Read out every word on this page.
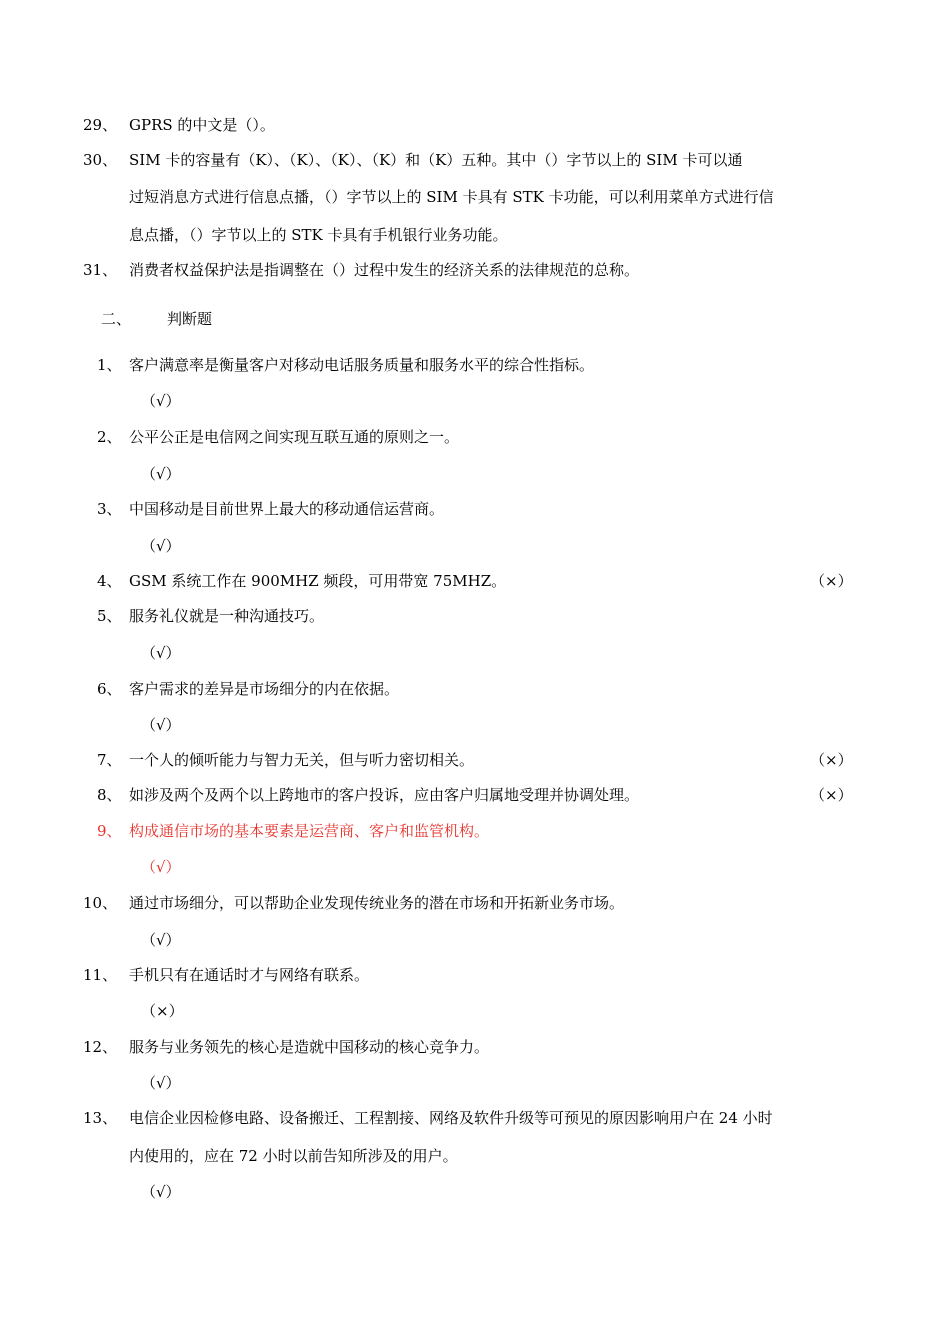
29、 GPRS 的中文是（）。
30、 SIM 卡的容量有（K）、（K）、（K）、（K）和（K）五种。其中（）字节以上的 SIM 卡可以通
过短消息方式进行信息点播，（）字节以上的 SIM 卡具有 STK 卡功能，可以利用菜单方式进行信
息点播，（）字节以上的 STK 卡具有手机银行业务功能。
31、 消费者权益保护法是指调整在（）过程中发生的经济关系的法律规范的总称。
二、 判断题
1、 客户满意率是衡量客户对移动电话服务质量和服务水平的综合性指标。
（√）
2、 公平公正是电信网之间实现互联互通的原则之一。
（√）
3、 中国移动是目前世界上最大的移动通信运营商。
（√）
4、 GSM 系统工作在 900MHZ 频段，可用带宽 75MHZ。	（×）
5、 服务礼仪就是一种沟通技巧。
（√）
6、 客户需求的差异是市场细分的内在依据。
（√）
7、 一个人的倾听能力与智力无关，但与听力密切相关。	（×）
8、 如涉及两个及两个以上跨地市的客户投诉，应由客户归属地受理并协调处理。	（×）
9、 构成通信市场的基本要素是运营商、客户和监管机构。
（√）
10、 通过市场细分，可以帮助企业发现传统业务的潜在市场和开拓新业务市场。
（√）
11、 手机只有在通话时才与网络有联系。
（×）
12、 服务与业务领先的核心是造就中国移动的核心竞争力。
（√）
13、 电信企业因检修电路、设备搬迁、工程割接、网络及软件升级等可预见的原因影响用户在 24 小时
内使用的，应在 72 小时以前告知所涉及的用户。
（√）
